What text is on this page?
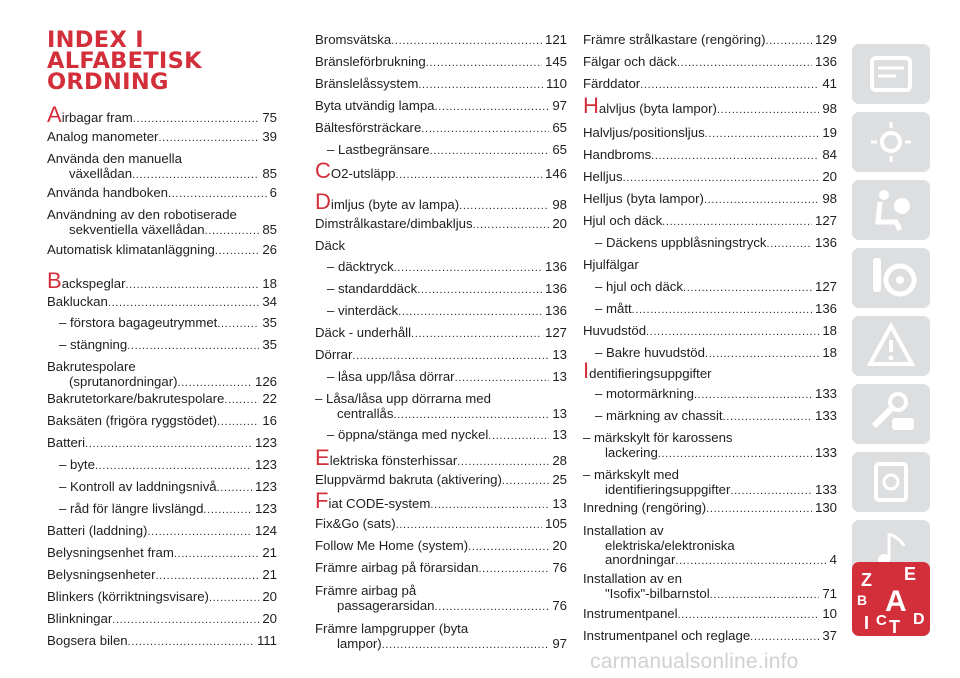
INDEX I
ALFABETISK
ORDNING
Airbagar fram . . .	75
Analog manometer . . .	39
Använda den manuella
växellådan . . .	85
Använda handboken . . .	6
Användning av den robotiserade
sekventiella växellådan . . .	85
Automatisk klimatanläggning . . .	26
Backspeglar . . .	18
Bakluckan . . .	34
– förstora bagageutrymmet . . .	35
– stängning . . .	35
Bakrutespolare
(sprutanordningar) . . .	126
Bakrutetorkare/bakrutespolare . . .	22
Baksäten (frigöra ryggstödet) . . .	16
Batteri . . .	123
– byte . . .	123
– Kontroll av laddningsnivå . . .	123
– råd för längre livslängd . . .	123
Batteri (laddning) . . .	124
Belysningsenhet fram . . .	21
Belysningsenheter . . .	21
Blinkers (körriktningsvisare) . . .	20
Blinkningar . . .	20
Bogsera bilen . . .	111
Bromsvätska . . .	121
Bränsleförbrukning . . .	145
Bränslelåssystem . . .	110
Byta utvändig lampa . . .	97
Bältesförsträckare . . .	65
– Lastbegränsare . . .	65
CO2-utsläpp . . .	146
Dimljus (byte av lampa) . . .	98
Dimstrålkastare/dimbakljus . . .	20
Däck
– däcktryck . . .	136
– standarddäck . . .	136
– vinterdäck . . .	136
Däck - underhåll . . .	127
Dörrar . . .	13
– låsa upp/låsa dörrar . . .	13
– Låsa/låsa upp dörrarna med
centrallås . . .	13
– öppna/stänga med nyckel . . .	13
Elektriska fönsterhissar . . .	28
Eluppvärmd bakruta (aktivering) . . .	25
Fiat CODE-system . . .	13
Fix&Go (sats) . . .	105
Follow Me Home (system) . . .	20
Främre airbag på förarsidan . . .	76
Främre airbag på
passagerarsidan . . .	76
Främre lampgrupper (byta
lampor) . . .	97
Främre strålkastare (rengöring) . . .	129
Fälgar och däck . . .	136
Färddator . . .	41
Halvljus (byta lampor) . . .	98
Halvljus/positionsljus . . .	19
Handbroms . . .	84
Helljus . . .	20
Helljus (byta lampor) . . .	98
Hjul och däck . . .	127
– Däckens uppblåsningstryck . . .	136
Hjulfälgar
– hjul och däck . . .	127
– mått . . .	136
Huvudstöd . . .	18
– Bakre huvudstöd . . .	18
Identifieringsuppgifter
– motormärkning . . .	133
– märkning av chassit . . .	133
– märkskylt för karossens
lackering . . .	133
– märkskylt med
identifieringsuppgifter . . .	133
Inredning (rengöring) . . .	130
Installation av
elektriska/elektroniska
anordningar . . .	4
Installation av en
"Isofix"-bilbarnstol . . .	71
Instrumentpanel . . .	10
Instrumentpanel och reglage . . .	37
Z E
B A
I C T D
carmanualsonline.info
